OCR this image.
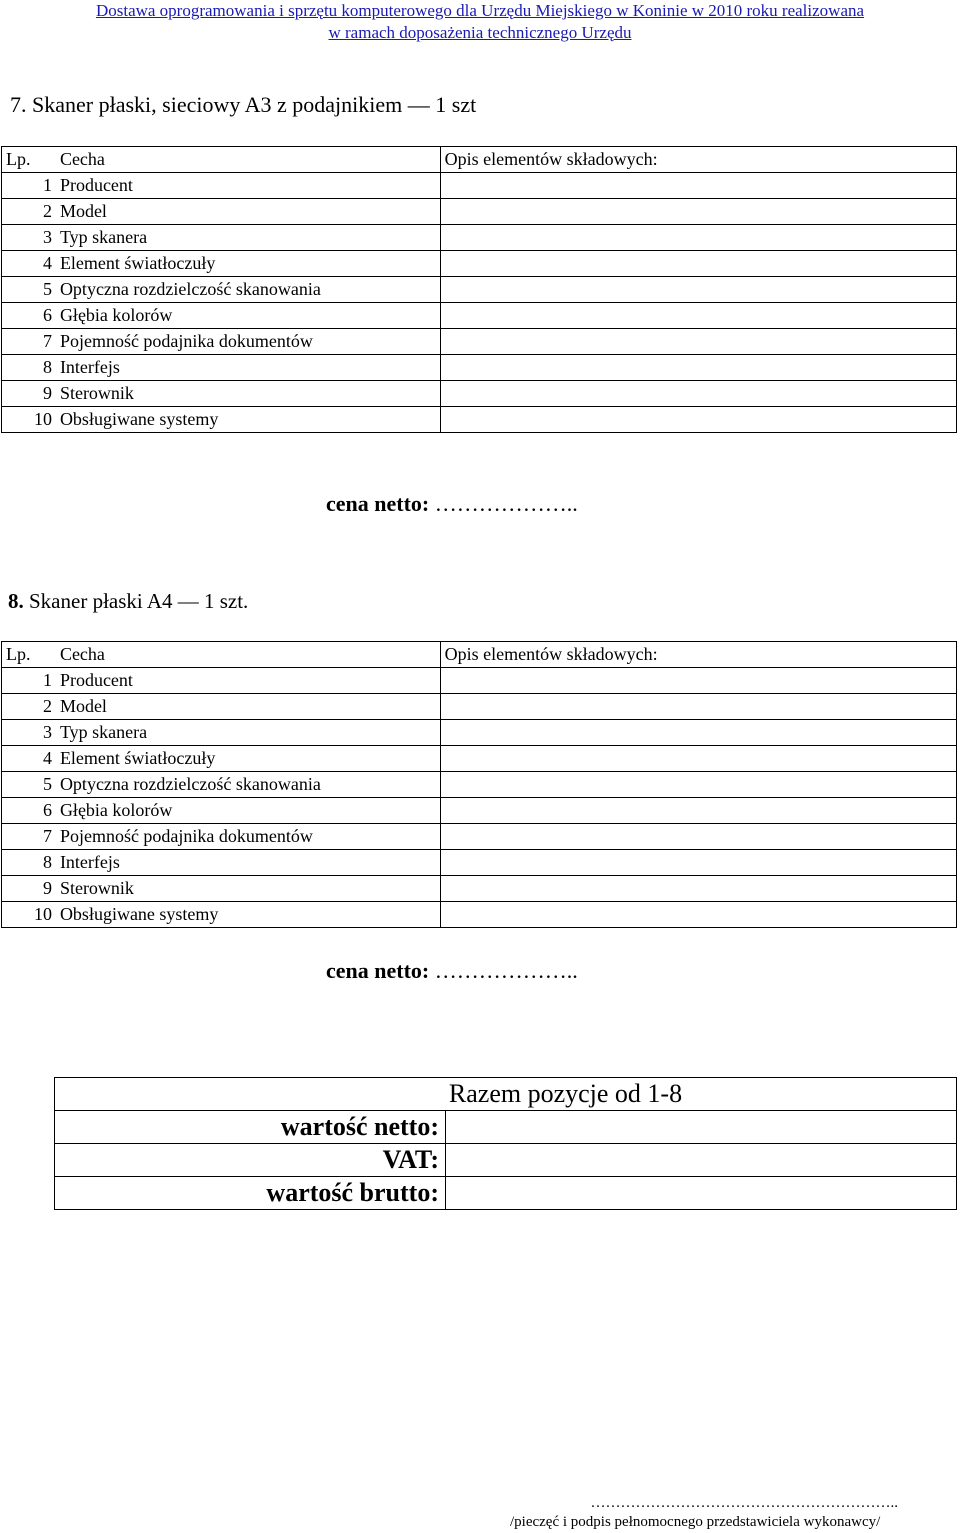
Dostawa oprogramowania i sprzętu komputerowego dla Urzędu Miejskiego w Koninie w 2010 roku realizowana
w ramach doposażenia technicznego Urzędu
7. Skaner płaski, sieciowy A3 z podajnikiem — 1 szt
Lp.	Cecha	Opis elementów składowych:
1	Producent	
2	Model	
3	Typ skanera	
4	Element światłoczuły	
5	Optyczna rozdzielczość skanowania	
6	Głębia kolorów	
7	Pojemność podajnika dokumentów	
8	Interfejs	
9	Sterownik	
10	Obsługiwane systemy	
cena netto: ………………..
8. Skaner płaski A4 — 1 szt.
Lp.	Cecha	Opis elementów składowych:
1	Producent	
2	Model	
3	Typ skanera	
4	Element światłoczuły	
5	Optyczna rozdzielczość skanowania	
6	Głębia kolorów	
7	Pojemność podajnika dokumentów	
8	Interfejs	
9	Sterownik	
10	Obsługiwane systemy	
cena netto: ………………..
Razem pozycje od 1-8	
wartość netto:	
VAT:	
wartość brutto:	
……………………………………………………..
/pieczęć i podpis pełnomocnego przedstawiciela wykonawcy/
